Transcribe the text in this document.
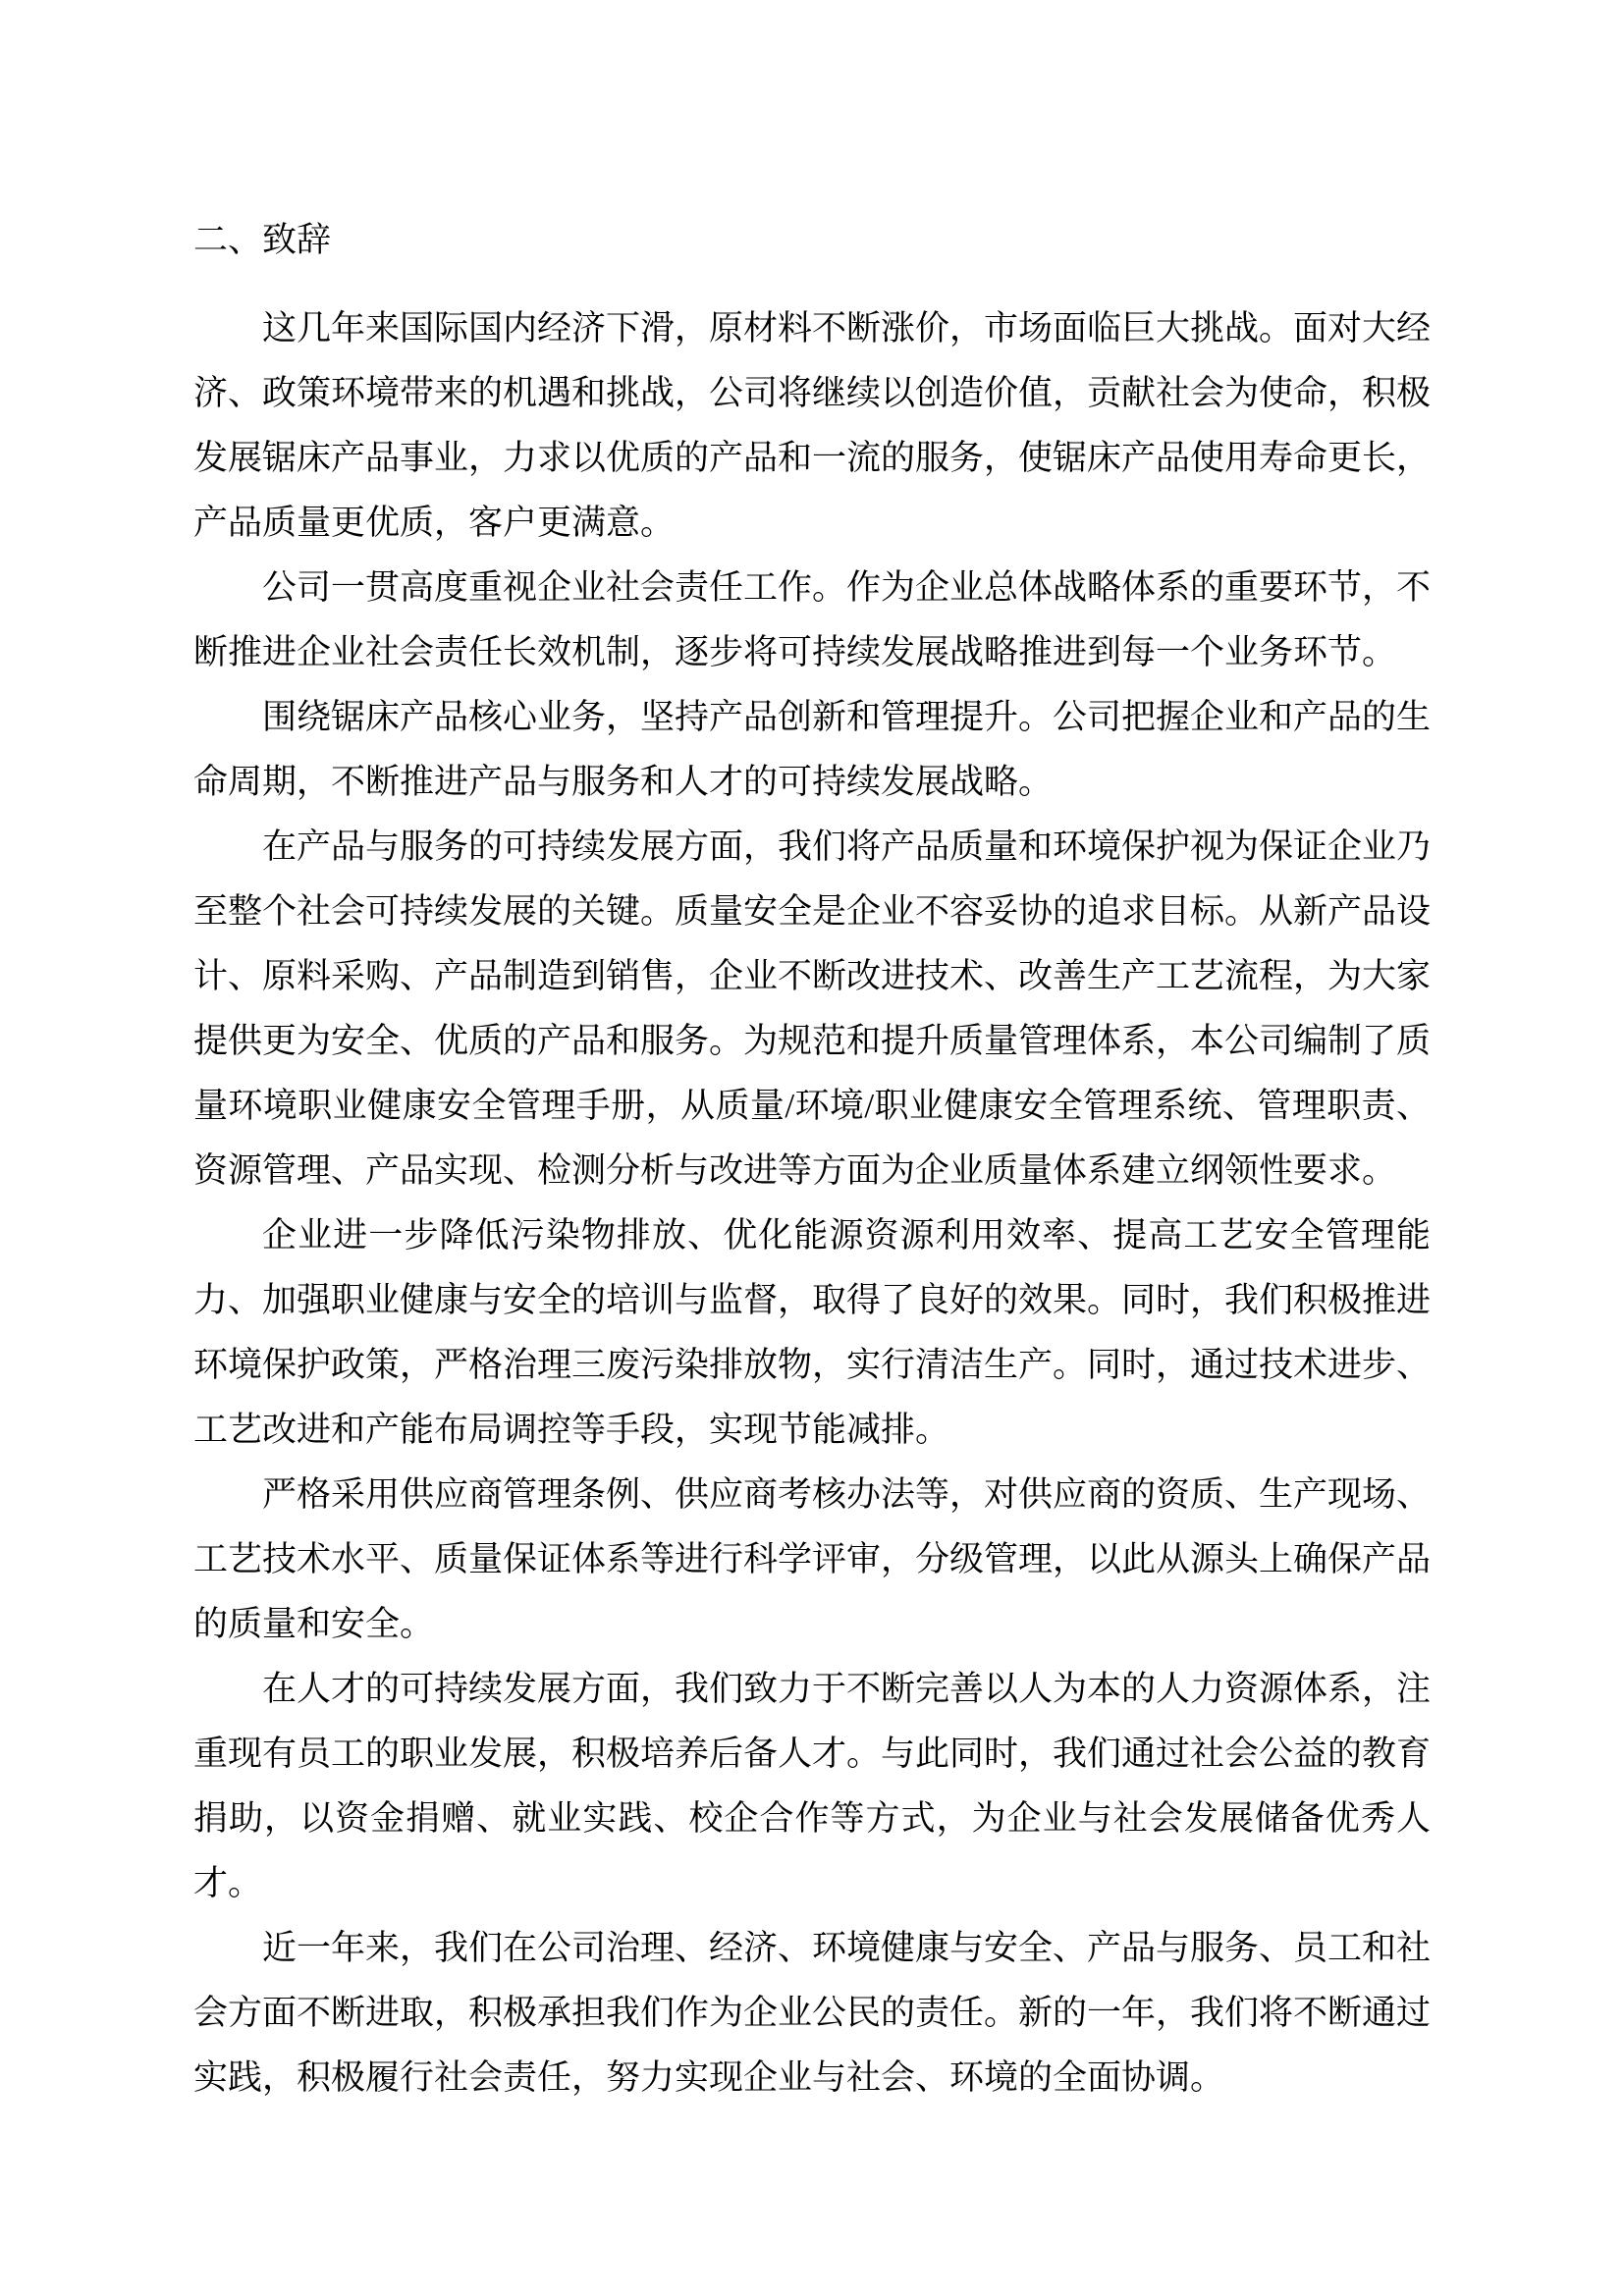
二、致辞

这几年来国际国内经济下滑，原材料不断涨价，市场面临巨大挑战。面对大经济、政策环境带来的机遇和挑战，公司将继续以创造价值，贡献社会为使命，积极发展锯床产品事业，力求以优质的产品和一流的服务，使锯床产品使用寿命更长，产品质量更优质，客户更满意。

公司一贯高度重视企业社会责任工作。作为企业总体战略体系的重要环节，不断推进企业社会责任长效机制，逐步将可持续发展战略推进到每一个业务环节。

围绕锯床产品核心业务，坚持产品创新和管理提升。公司把握企业和产品的生命周期，不断推进产品与服务和人才的可持续发展战略。

在产品与服务的可持续发展方面，我们将产品质量和环境保护视为保证企业乃至整个社会可持续发展的关键。质量安全是企业不容妥协的追求目标。从新产品设计、原料采购、产品制造到销售，企业不断改进技术、改善生产工艺流程，为大家提供更为安全、优质的产品和服务。为规范和提升质量管理体系，本公司编制了质量环境职业健康安全管理手册，从质量/环境/职业健康安全管理系统、管理职责、资源管理、产品实现、检测分析与改进等方面为企业质量体系建立纲领性要求。

企业进一步降低污染物排放、优化能源资源利用效率、提高工艺安全管理能力、加强职业健康与安全的培训与监督，取得了良好的效果。同时，我们积极推进环境保护政策，严格治理三废污染排放物，实行清洁生产。同时，通过技术进步、工艺改进和产能布局调控等手段，实现节能减排。

严格采用供应商管理条例、供应商考核办法等，对供应商的资质、生产现场、工艺技术水平、质量保证体系等进行科学评审，分级管理，以此从源头上确保产品的质量和安全。

在人才的可持续发展方面，我们致力于不断完善以人为本的人力资源体系，注重现有员工的职业发展，积极培养后备人才。与此同时，我们通过社会公益的教育捐助，以资金捐赠、就业实践、校企合作等方式，为企业与社会发展储备优秀人才。

近一年来，我们在公司治理、经济、环境健康与安全、产品与服务、员工和社会方面不断进取，积极承担我们作为企业公民的责任。新的一年，我们将不断通过实践，积极履行社会责任，努力实现企业与社会、环境的全面协调。
